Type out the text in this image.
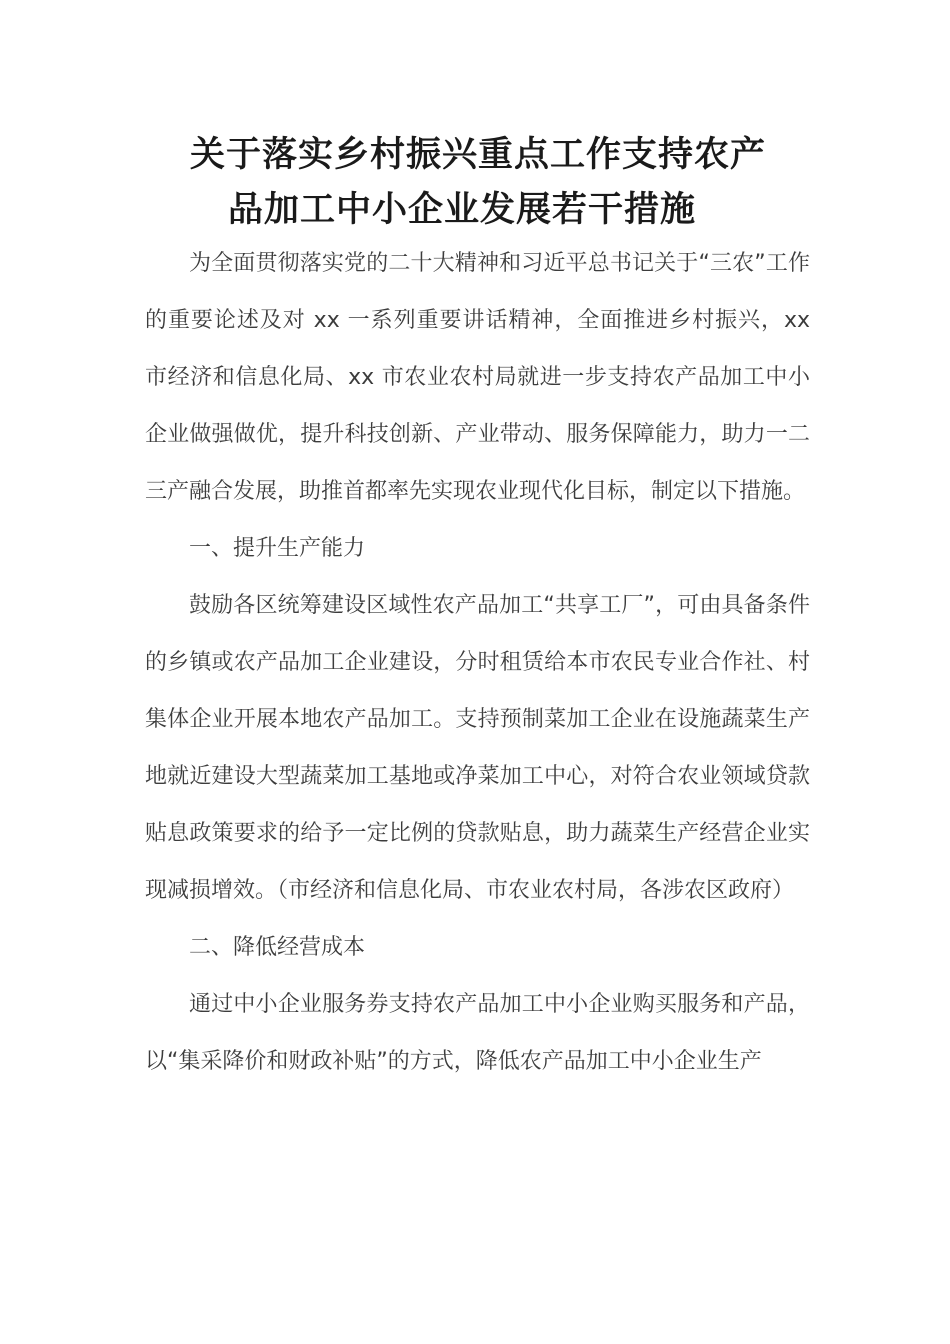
关于落实乡村振兴重点工作支持农产
品加工中小企业发展若干措施

为全面贯彻落实党的二十大精神和习近平总书记关于“三农”工作的重要论述及对 xx 一系列重要讲话精神，全面推进乡村振兴，xx 市经济和信息化局、xx 市农业农村局就进一步支持农产品加工中小企业做强做优，提升科技创新、产业带动、服务保障能力，助力一二三产融合发展，助推首都率先实现农业现代化目标，制定以下措施。

一、提升生产能力

鼓励各区统筹建设区域性农产品加工“共享工厂”，可由具备条件的乡镇或农产品加工企业建设，分时租赁给本市农民专业合作社、村集体企业开展本地农产品加工。支持预制菜加工企业在设施蔬菜生产地就近建设大型蔬菜加工基地或净菜加工中心，对符合农业领域贷款贴息政策要求的给予一定比例的贷款贴息，助力蔬菜生产经营企业实现减损增效。（市经济和信息化局、市农业农村局，各涉农区政府）

二、降低经营成本

通过中小企业服务券支持农产品加工中小企业购买服务和产品，以“集采降价和财政补贴”的方式，降低农产品加工中小企业生产
